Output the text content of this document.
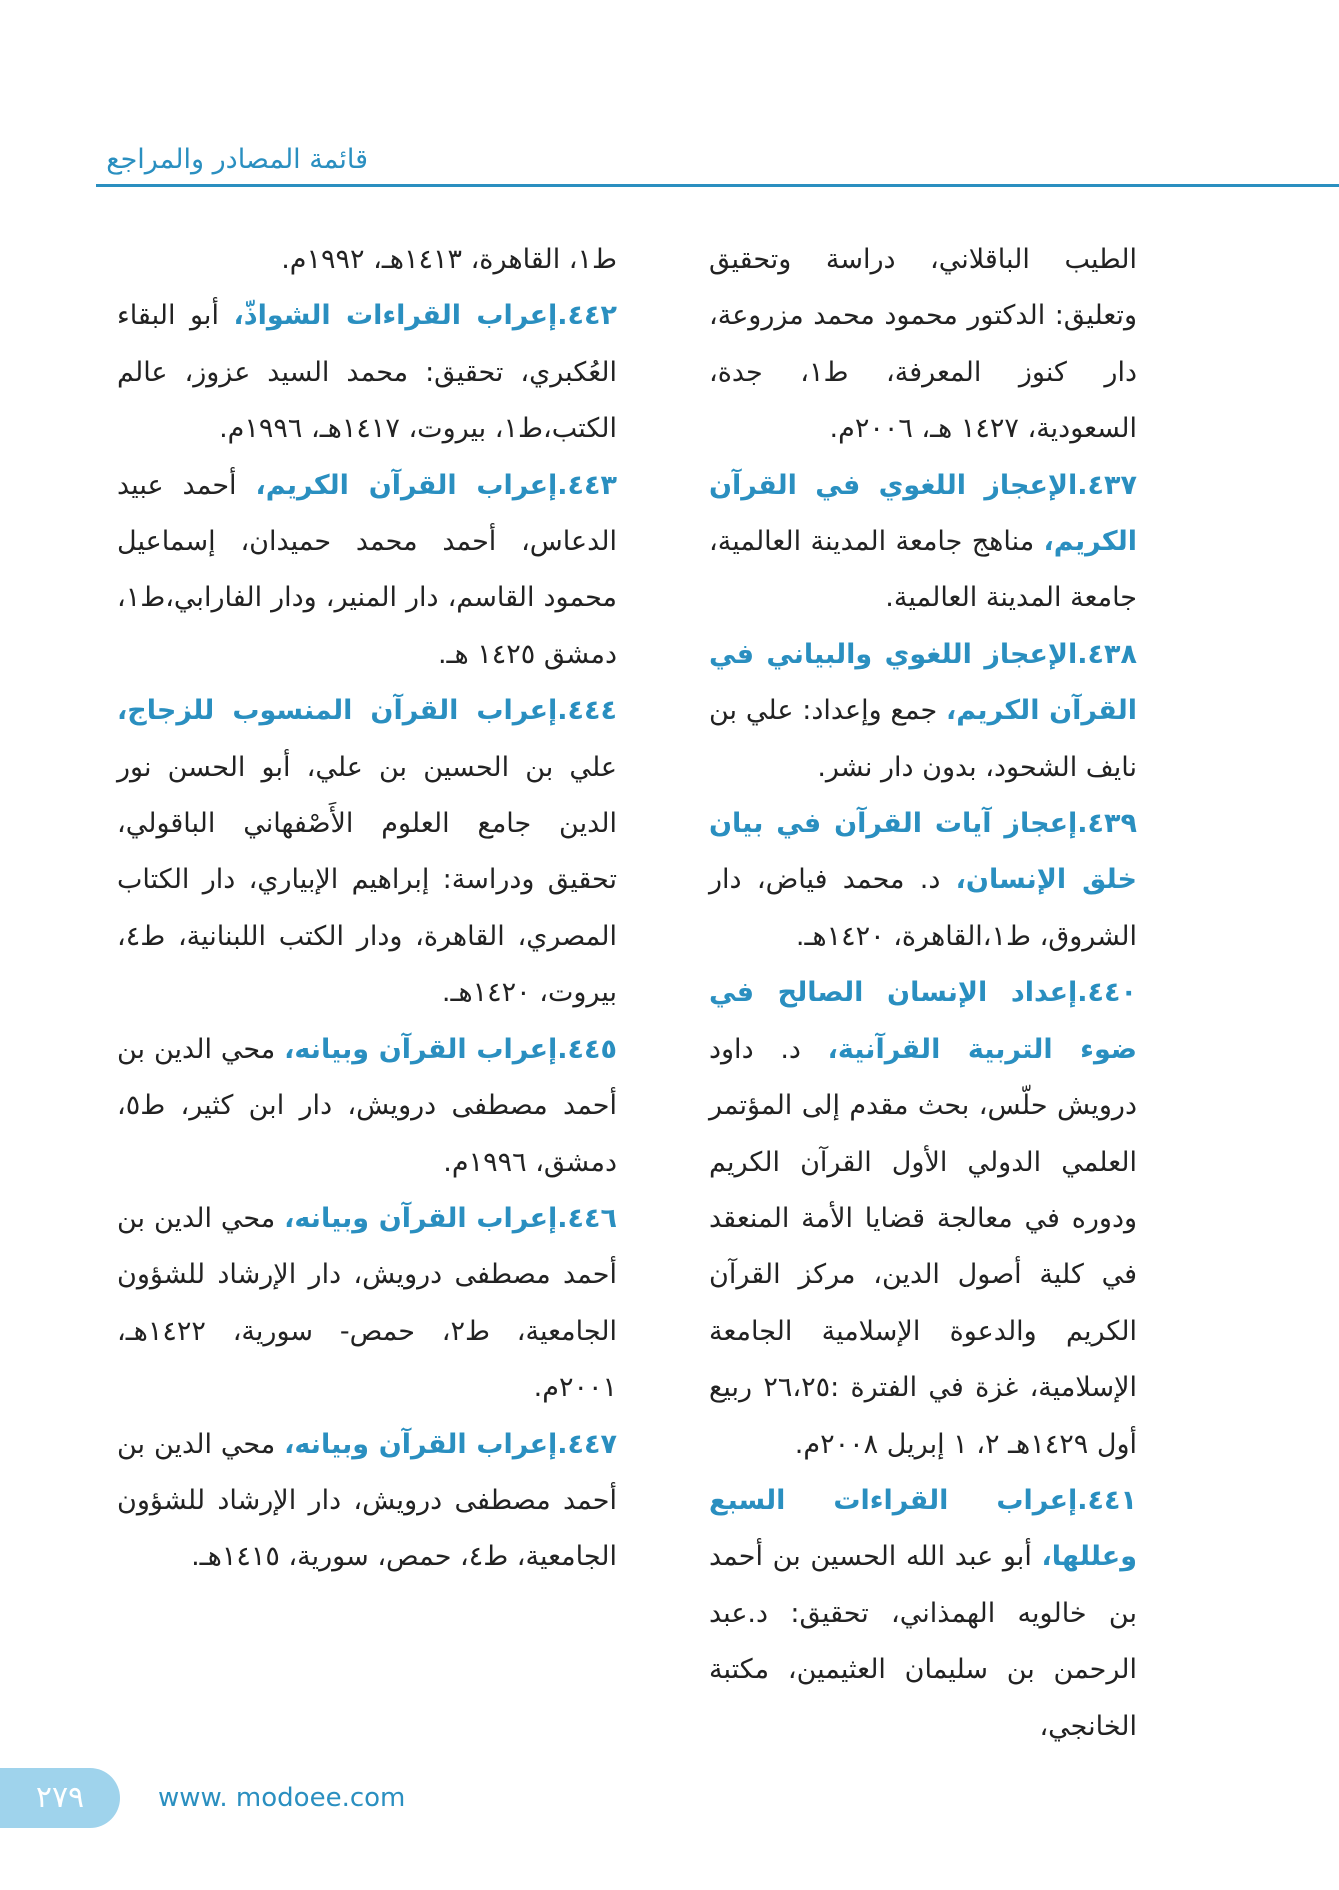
قائمة المصادر والمراجع

الطيب الباقلاني، دراسة وتحقيق وتعليق: الدكتور محمود محمد مزروعة، دار كنوز المعرفة، ط١، جدة، السعودية، ١٤٢٧ هـ، ٢٠٠٦م.

٤٣٧.الإعجاز اللغوي في القرآن الكريم، مناهج جامعة المدينة العالمية، جامعة المدينة العالمية.

٤٣٨.الإعجاز اللغوي والبياني في القرآن الكريم، جمع وإعداد: علي بن نايف الشحود، بدون دار نشر.

٤٣٩.إعجاز آيات القرآن في بيان خلق الإنسان، د. محمد فياض، دار الشروق، ط١،القاهرة، ١٤٢٠هـ.

٤٤٠.إعداد الإنسان الصالح في ضوء التربية القرآنية، د. داود درويش حلّس، بحث مقدم إلى المؤتمر العلمي الدولي الأول القرآن الكريم ودوره في معالجة قضايا الأمة المنعقد في كلية أصول الدين، مركز القرآن الكريم والدعوة الإسلامية الجامعة الإسلامية، غزة في الفترة :٢٦،٢٥ ربيع أول ١٤٢٩هـ ٢، ١ إبريل ٢٠٠٨م.

٤٤١.إعراب القراءات السبع وعللها، أبو عبد الله الحسين بن أحمد بن خالويه الهمذاني، تحقيق: د.عبد الرحمن بن سليمان العثيمين، مكتبة الخانجي،

ط١، القاهرة، ١٤١٣هـ، ١٩٩٢م.

٤٤٢.إعراب القراءات الشواذّ، أبو البقاء العُكبري، تحقيق: محمد السيد عزوز، عالم الكتب،ط١، بيروت، ١٤١٧هـ، ١٩٩٦م.

٤٤٣.إعراب القرآن الكريم، أحمد عبيد الدعاس، أحمد محمد حميدان، إسماعيل محمود القاسم، دار المنير، ودار الفارابي،ط١، دمشق ١٤٢٥ هـ.

٤٤٤.إعراب القرآن المنسوب للزجاج، علي بن الحسين بن علي، أبو الحسن نور الدين جامع العلوم الأَصْفهاني الباقولي، تحقيق ودراسة: إبراهيم الإبياري، دار الكتاب المصري، القاهرة، ودار الكتب اللبنانية، ط٤، بيروت، ١٤٢٠هـ.

٤٤٥.إعراب القرآن وبيانه، محي الدين بن أحمد مصطفى درويش، دار ابن كثير، ط٥، دمشق، ١٩٩٦م.

٤٤٦.إعراب القرآن وبيانه، محي الدين بن أحمد مصطفى درويش، دار الإرشاد للشؤون الجامعية، ط٢، حمص- سورية، ١٤٢٢هـ، ٢٠٠١م.

٤٤٧.إعراب القرآن وبيانه، محي الدين بن أحمد مصطفى درويش، دار الإرشاد للشؤون الجامعية، ط٤، حمص، سورية، ١٤١٥هـ.

٢٧٩	www. modoee.com
